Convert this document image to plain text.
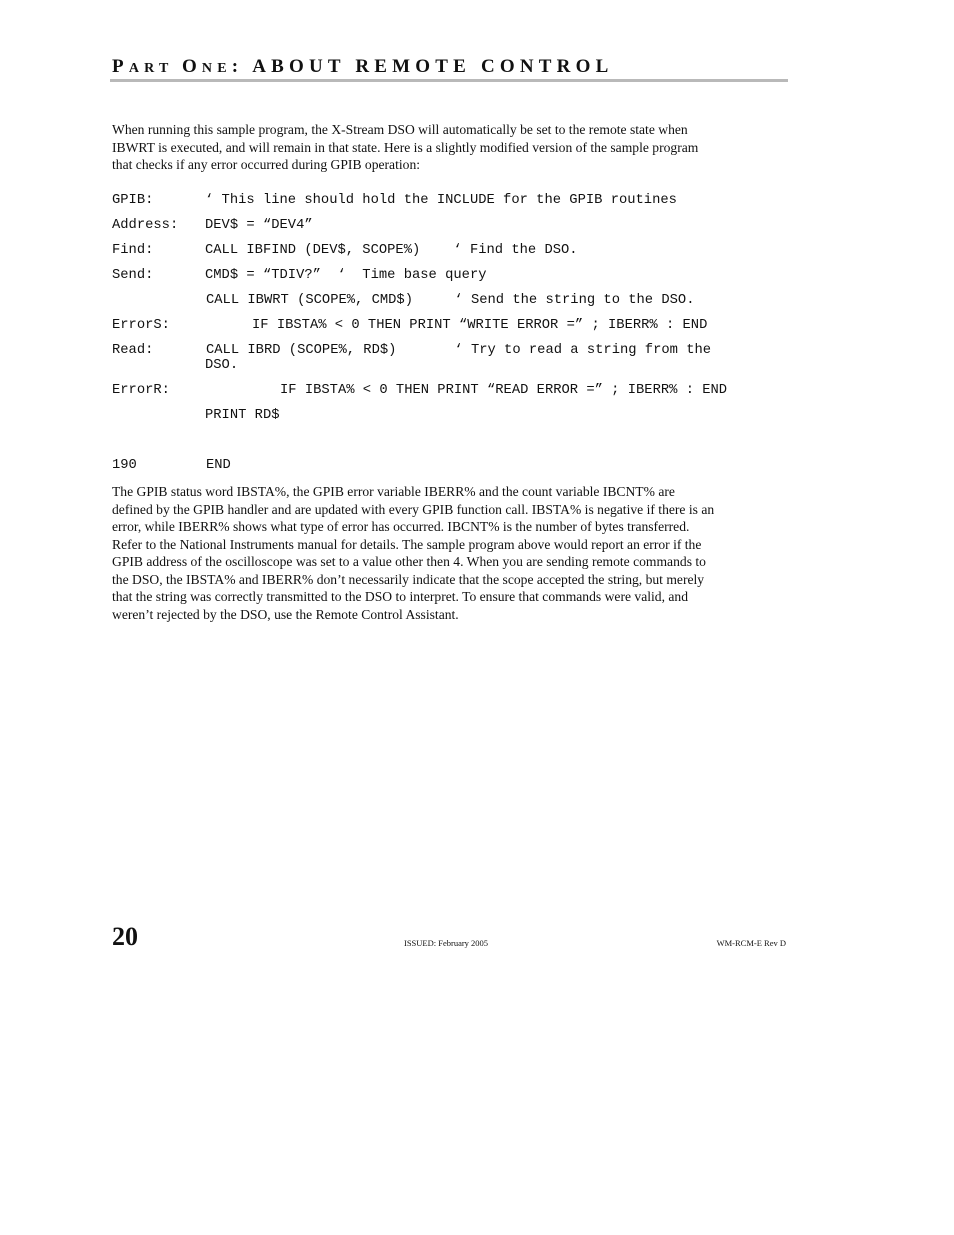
PART ONE: ABOUT REMOTE CONTROL
When running this sample program, the X-Stream DSO will automatically be set to the remote state when
IBWRT is executed, and will remain in that state. Here is a slightly modified version of the sample program
that checks if any error occurred during GPIB operation:
GPIB:	‘ This line should hold the INCLUDE for the GPIB routines
Address: DEV$ = “DEV4”
Find:	CALL IBFIND (DEV$, SCOPE%)    ‘ Find the DSO.
Send:	CMD$ = “TDIV?”  ‘  Time base query
CALL IBWRT (SCOPE%, CMD$)     ‘ Send the string to the DSO.
ErrorS:	IF IBSTA% < 0 THEN PRINT “WRITE ERROR =” ; IBERR% : END
Read:	CALL IBRD (SCOPE%, RD$)       ‘ Try to read a string from the
DSO.
ErrorR:	IF IBSTA% < 0 THEN PRINT “READ ERROR =” ; IBERR% : END
PRINT RD$
190	END
The GPIB status word IBSTA%, the GPIB error variable IBERR% and the count variable IBCNT% are
defined by the GPIB handler and are updated with every GPIB function call. IBSTA% is negative if there is an
error, while IBERR% shows what type of error has occurred. IBCNT% is the number of bytes transferred.
Refer to the National Instruments manual for details. The sample program above would report an error if the
GPIB address of the oscilloscope was set to a value other then 4. When you are sending remote commands to
the DSO, the IBSTA% and IBERR% don’t necessarily indicate that the scope accepted the string, but merely
that the string was correctly transmitted to the DSO to interpret. To ensure that commands were valid, and
weren’t rejected by the DSO, use the Remote Control Assistant.
20	ISSUED: February 2005	WM-RCM-E Rev D
